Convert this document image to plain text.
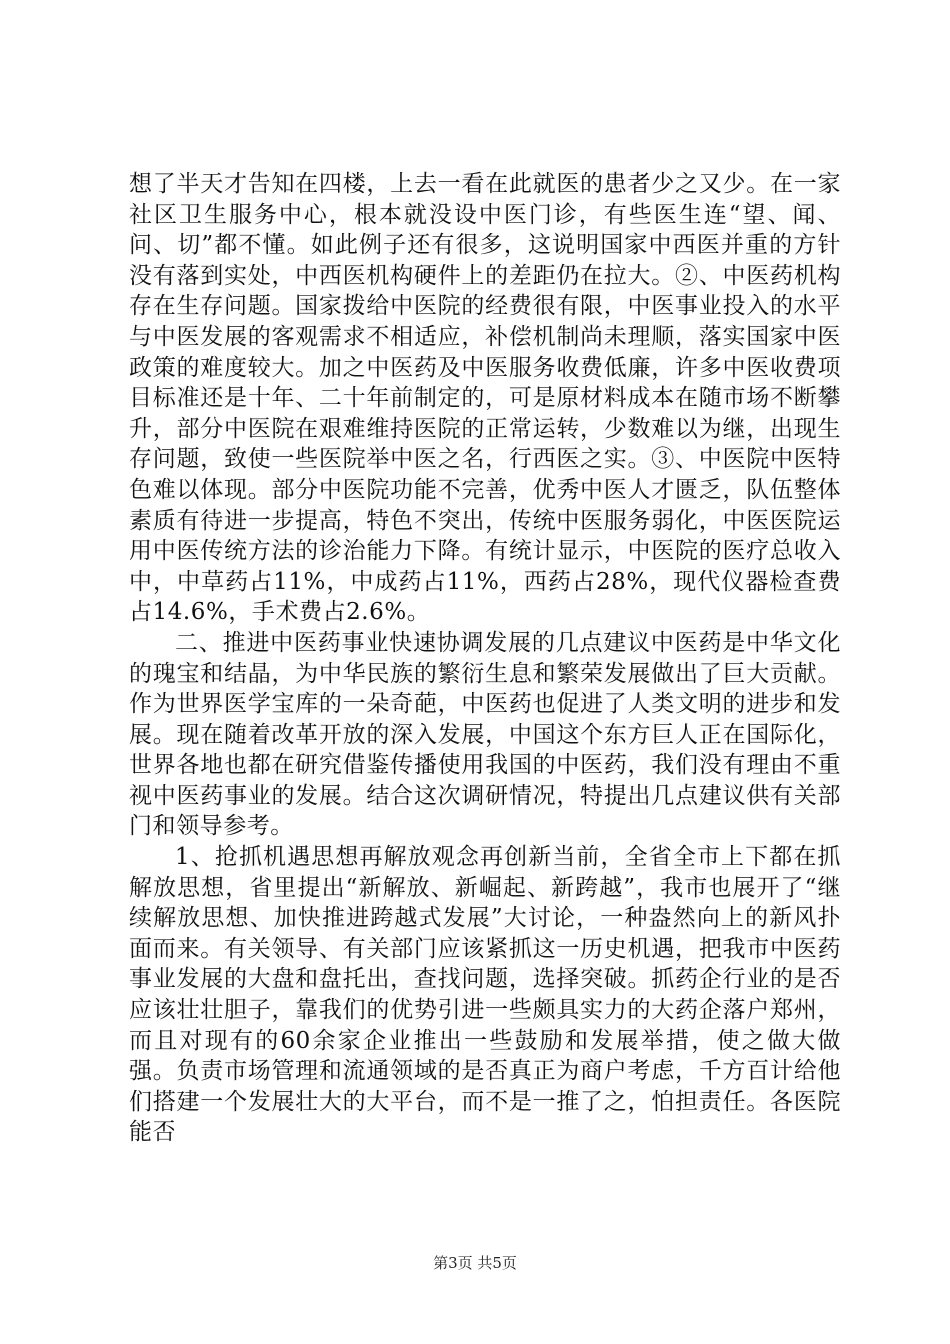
想了半天才告知在四楼，上去一看在此就医的患者少之又少。在一家社区卫生服务中心，根本就没设中医门诊，有些医生连“望、闻、问、切”都不懂。如此例子还有很多，这说明国家中西医并重的方针没有落到实处，中西医机构硬件上的差距仍在拉大。②、中医药机构存在生存问题。国家拨给中医院的经费很有限，中医事业投入的水平与中医发展的客观需求不相适应，补偿机制尚未理顺，落实国家中医政策的难度较大。加之中医药及中医服务收费低廉，许多中医收费项目标准还是十年、二十年前制定的，可是原材料成本在随市场不断攀升，部分中医院在艰难维持医院的正常运转，少数难以为继，出现生存问题，致使一些医院举中医之名，行西医之实。③、中医院中医特色难以体现。部分中医院功能不完善，优秀中医人才匮乏，队伍整体素质有待进一步提高，特色不突出，传统中医服务弱化，中医医院运用中医传统方法的诊治能力下降。有统计显示，中医院的医疗总收入中，中草药占11%，中成药占11%，西药占28%，现代仪器检查费占14.6%，手术费占2.6%。

二、推进中医药事业快速协调发展的几点建议中医药是中华文化的瑰宝和结晶，为中华民族的繁衍生息和繁荣发展做出了巨大贡献。作为世界医学宝库的一朵奇葩，中医药也促进了人类文明的进步和发展。现在随着改革开放的深入发展，中国这个东方巨人正在国际化，世界各地也都在研究借鉴传播使用我国的中医药，我们没有理由不重视中医药事业的发展。结合这次调研情况，特提出几点建议供有关部门和领导参考。

1、抢抓机遇思想再解放观念再创新当前，全省全市上下都在抓解放思想，省里提出“新解放、新崛起、新跨越”，我市也展开了“继续解放思想、加快推进跨越式发展”大讨论，一种盎然向上的新风扑面而来。有关领导、有关部门应该紧抓这一历史机遇，把我市中医药事业发展的大盘和盘托出，查找问题，选择突破。抓药企行业的是否应该壮壮胆子，靠我们的优势引进一些颇具实力的大药企落户郑州，而且对现有的60余家企业推出一些鼓励和发展举措，使之做大做强。负责市场管理和流通领域的是否真正为商户考虑，千方百计给他们搭建一个发展壮大的大平台，而不是一推了之，怕担责任。各医院能否

第3页 共5页
